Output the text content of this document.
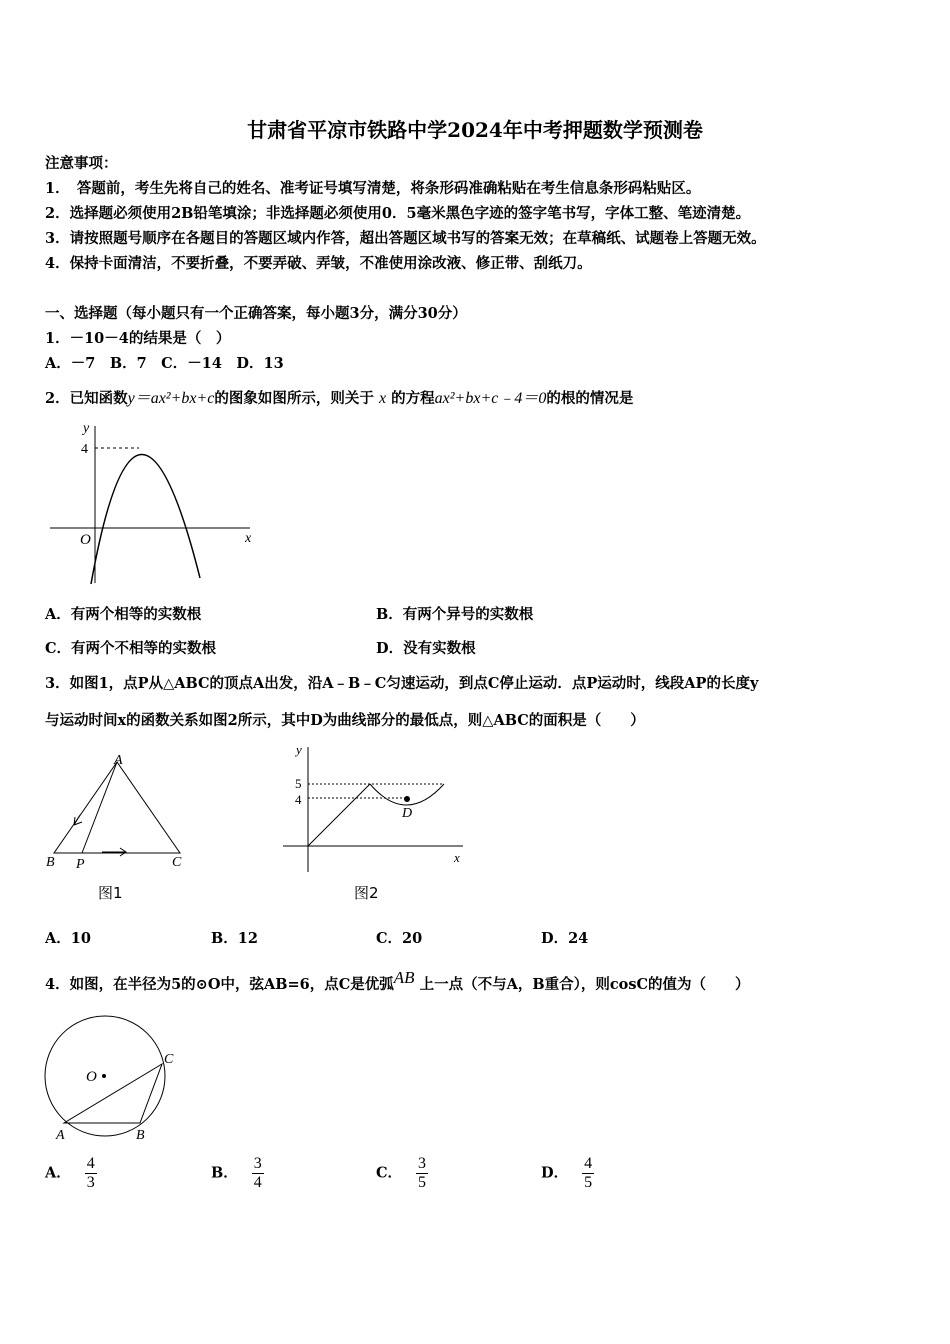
甘肃省平凉市铁路中学2024年中考押题数学预测卷
注意事项：
1．　答题前，考生先将自己的姓名、准考证号填写清楚，将条形码准确粘贴在考生信息条形码粘贴区。
2．选择题必须使用2B铅笔填涂；非选择题必须使用0．5毫米黑色字迹的签字笔书写，字体工整、笔迹清楚。
3．请按照题号顺序在各题目的答题区域内作答，超出答题区域书写的答案无效；在草稿纸、试题卷上答题无效。
4．保持卡面清洁，不要折叠，不要弄破、弄皱，不准使用涂改液、修正带、刮纸刀。
一、选择题（每小题只有一个正确答案，每小题3分，满分30分）
1．－10－4的结果是（　）
A．－7　B．7　C．－14　D．13
2．已知函数y＝ax²+bx+c的图象如图所示，则关于 x 的方程ax²+bx+c﹣4＝0的根的情况是
y
x
O
4
A．有两个相等的实数根	B．有两个异号的实数根
C．有两个不相等的实数根	D．没有实数根
3．如图1，点P从△ABC的顶点A出发，沿A﹣B﹣C匀速运动，到点C停止运动．点P运动时，线段AP的长度y
与运动时间x的函数关系如图2所示，其中D为曲线部分的最低点，则△ABC的面积是（　　）
A
B	C
P
图1
y
x
5
4
D
图2
A．10	B．12	C．20	D．24
4．如图，在半径为5的⊙O中，弦AB=6，点C是优弧AB 上一点（不与A，B重合），则cosC的值为（　　）
O
A	B
C
A． $\frac{4}{3}$	B． $\frac{3}{4}$	C． $\frac{3}{5}$	D． $\frac{4}{5}$
